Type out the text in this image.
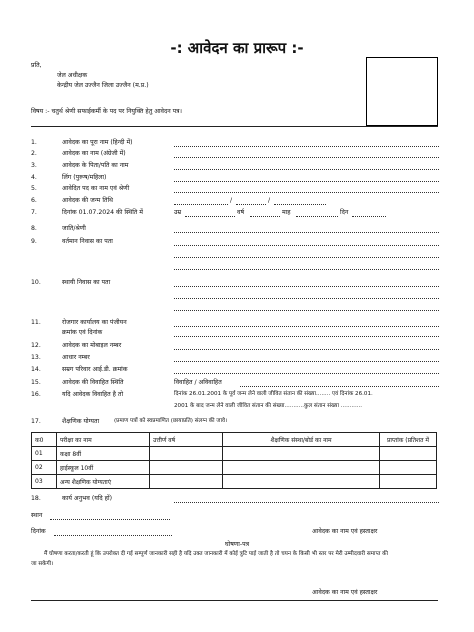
-: आवेदन का प्रारूप :-
प्रति,
जेल अधीक्षक
केन्द्रीय जेल उज्जैन जिला उज्जैन (म.प्र.)
विषय :- चतुर्थ श्रेणी सफाईकर्मी के पद पर नियुक्ति हेतु आवेदन पत्र।
1.	आवेदक का पूरा नाम (हिन्दी में)
2.	आवेदक का नाम (अंग्रेजी में)
3.	आवेदक के पिता/पति का नाम
4.	लिंग (पुरूष/महिला)
5.	आवेदित पद का नाम एवं श्रेणी
6.	आवेदक की जन्म तिथि	/	/
7.	दिनांक 01.07.2024 की स्थिति में	उम्र	वर्ष	माह	दिन
8.	जाति/श्रेणी
9.	वर्तमान निवास का पता
10.	स्थायी निवास का पता
11.	रोजगार कार्यालय का पंजीयन
क्रमांक एवं दिनांक
12.	आवेदक का मोबाइल नम्बर
13.	आधार नम्बर
14.	सम्रग परिवार आई.डी. क्रमांक
15.	आवेदक की विवाहित स्थिति	विवाहित / अविवाहित
16.	यदि आवेदक विवाहित है तो	दिनांक 26.01.2001 के पूर्व जन्म लेने वाली जीवित संतान की संख्या........ एवं दिनांक 26.01.
2001 के बाद जन्म लेने वाली जीवित संतान की संख्या...........कुल संतान संख्या ............
17.	शैक्षणिक योग्यता	(प्रमाण पत्रों को स्वप्रमाणित (छायाप्रति) संलग्न की जावे।
क0	परीक्षा का नाम	उत्तीर्ण वर्ष	शैक्षणिक संस्था/बोर्ड का नाम	प्राप्तांक (प्रतिशत में
01	कक्षा 8वीं			
02	हाईस्कूल 10वीं			
03	अन्य शैक्षणिक योग्यताएं			
18.	कार्य अनुभव (यदि हों)
स्थान
दिनांक	आवेदक का नाम एवं हस्ताक्षर
घोषणा-पत्र
मैं घोषणा करता/करती हूं कि उपरोक्त दी गई सम्पूर्ण जानकारी सही है यदि उक्त जानकारी में कोई त्रुटि पाई जाती है तो चयन के किसी भी स्तर पर मेरी उम्मीदवारी समाप्त की
जा सकेगी।
आवेदक का नाम एवं हस्ताक्षर
